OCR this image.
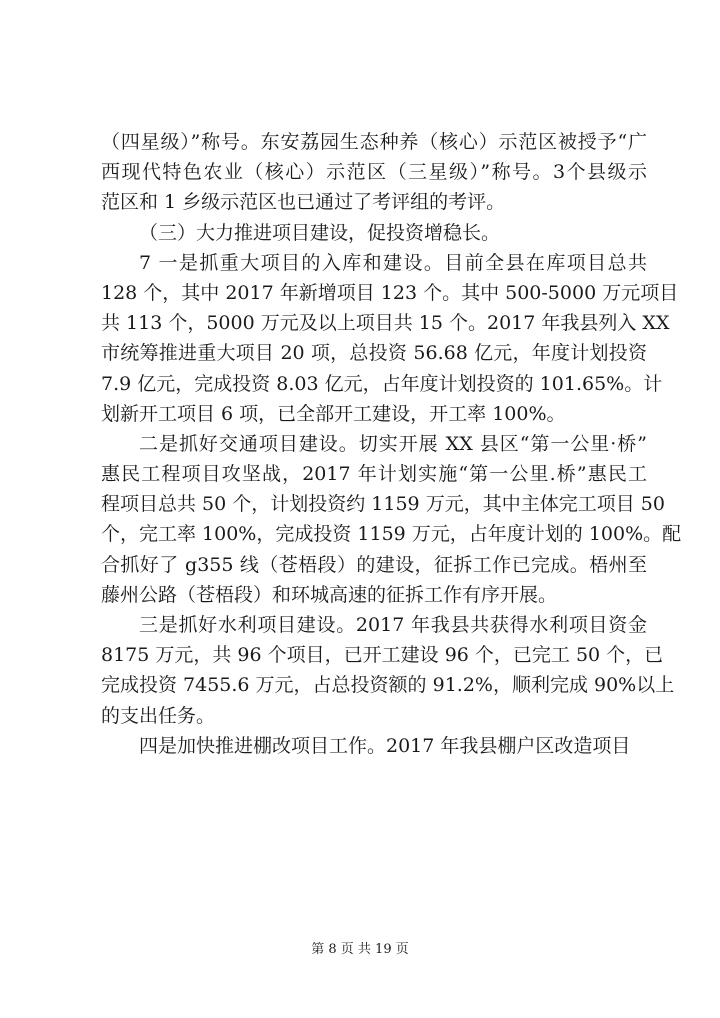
（四星级）”称号。东安荔园生态种养（核心）示范区被授予“广
西现代特色农业（核心）示范区（三星级）”称号。3个县级示
范区和 1 乡级示范区也已通过了考评组的考评。
（三）大力推进项目建设，促投资增稳长。
7 一是抓重大项目的入库和建设。目前全县在库项目总共
128 个，其中 2017 年新增项目 123 个。其中 500-5000 万元项目
共 113 个，5000 万元及以上项目共 15 个。2017 年我县列入 XX
市统筹推进重大项目 20 项，总投资 56.68 亿元，年度计划投资
7.9 亿元，完成投资 8.03 亿元，占年度计划投资的 101.65%。计
划新开工项目 6 项，已全部开工建设，开工率 100%。
二是抓好交通项目建设。切实开展 XX 县区“第一公里·桥”
惠民工程项目攻坚战，2017 年计划实施“第一公里.桥”惠民工
程项目总共 50 个，计划投资约 1159 万元，其中主体完工项目 50
个，完工率 100%，完成投资 1159 万元，占年度计划的 100%。配
合抓好了 g355 线（苍梧段）的建设，征拆工作已完成。梧州至
藤州公路（苍梧段）和环城高速的征拆工作有序开展。
三是抓好水利项目建设。2017 年我县共获得水利项目资金
8175 万元，共 96 个项目，已开工建设 96 个，已完工 50 个，已
完成投资 7455.6 万元，占总投资额的 91.2%，顺利完成 90%以上
的支出任务。
四是加快推进棚改项目工作。2017 年我县棚户区改造项目
第 8 页 共 19 页
